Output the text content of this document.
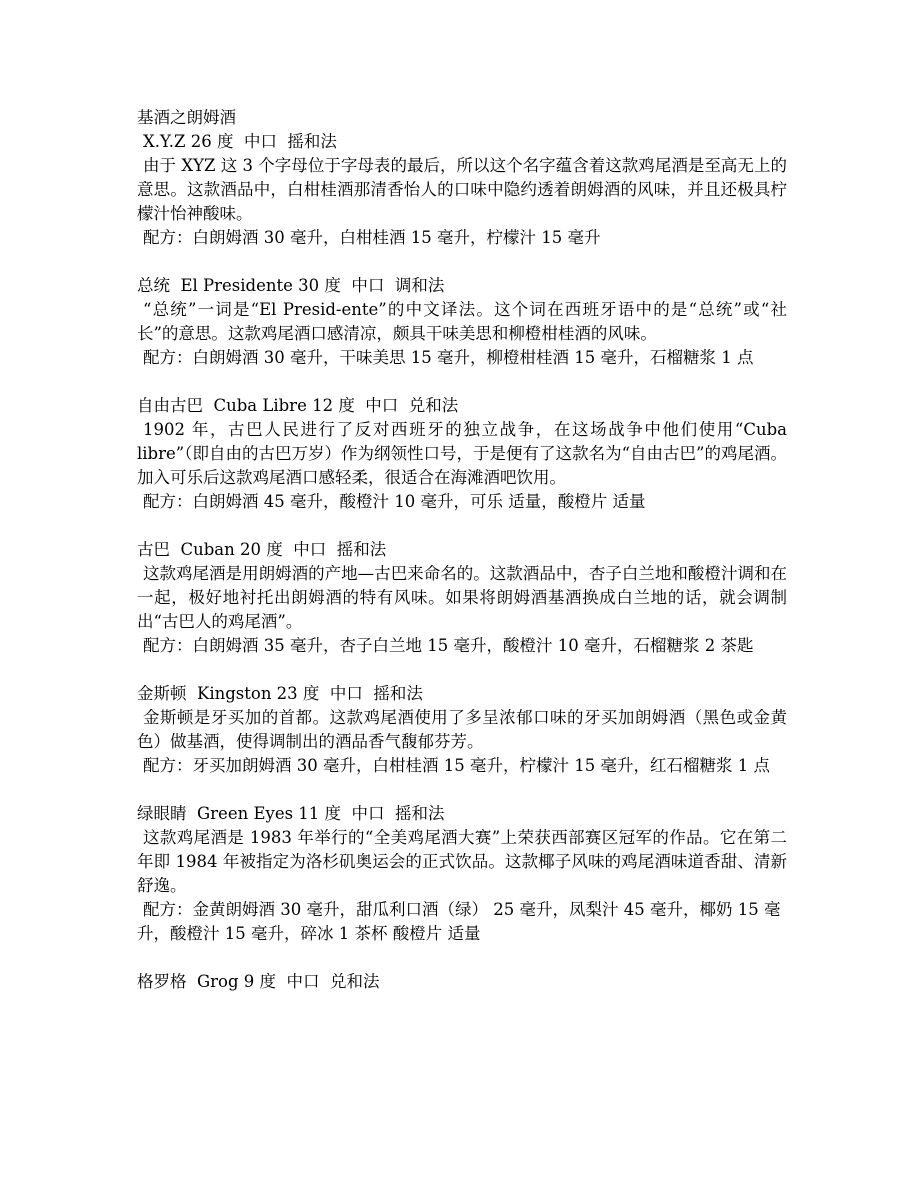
基酒之朗姆酒

X.Y.Z 26 度  中口  摇和法

由于 XYZ 这 3 个字母位于字母表的最后，所以这个名字蕴含着这款鸡尾酒是至高无上的意思。这款酒品中，白柑桂酒那清香怡人的口味中隐约透着朗姆酒的风味，并且还极具柠檬汁怡神酸味。

配方：白朗姆酒 30 毫升，白柑桂酒 15 毫升，柠檬汁 15 毫升

总统  El Presidente 30 度  中口  调和法

“总统”一词是“El Presid-ente”的中文译法。这个词在西班牙语中的是“总统”或“社长”的意思。这款鸡尾酒口感清凉，颇具干味美思和柳橙柑桂酒的风味。

配方：白朗姆酒 30 毫升，干味美思 15 毫升，柳橙柑桂酒 15 毫升，石榴糖浆 1 点

自由古巴  Cuba Libre 12 度  中口  兑和法

1902 年，古巴人民进行了反对西班牙的独立战争，在这场战争中他们使用“Cuba libre”（即自由的古巴万岁）作为纲领性口号，于是便有了这款名为“自由古巴”的鸡尾酒。加入可乐后这款鸡尾酒口感轻柔，很适合在海滩酒吧饮用。

配方：白朗姆酒 45 毫升，酸橙汁 10 毫升，可乐 适量，酸橙片 适量

古巴  Cuban 20 度  中口  摇和法

这款鸡尾酒是用朗姆酒的产地—古巴来命名的。这款酒品中，杏子白兰地和酸橙汁调和在一起，极好地衬托出朗姆酒的特有风味。如果将朗姆酒基酒换成白兰地的话，就会调制出“古巴人的鸡尾酒”。

配方：白朗姆酒 35 毫升，杏子白兰地 15 毫升，酸橙汁 10 毫升，石榴糖浆 2 茶匙

金斯顿  Kingston 23 度  中口  摇和法

金斯顿是牙买加的首都。这款鸡尾酒使用了多呈浓郁口味的牙买加朗姆酒（黑色或金黄色）做基酒，使得调制出的酒品香气馥郁芬芳。

配方：牙买加朗姆酒 30 毫升，白柑桂酒 15 毫升，柠檬汁 15 毫升，红石榴糖浆 1 点

绿眼睛  Green Eyes 11 度  中口  摇和法

这款鸡尾酒是 1983 年举行的“全美鸡尾酒大赛”上荣获西部赛区冠军的作品。它在第二年即 1984 年被指定为洛杉矶奥运会的正式饮品。这款椰子风味的鸡尾酒味道香甜、清新舒逸。

配方：金黄朗姆酒 30 毫升，甜瓜利口酒（绿） 25 毫升，凤梨汁 45 毫升，椰奶 15 毫升，酸橙汁 15 毫升，碎冰 1 茶杯 酸橙片 适量

格罗格  Grog 9 度  中口  兑和法
